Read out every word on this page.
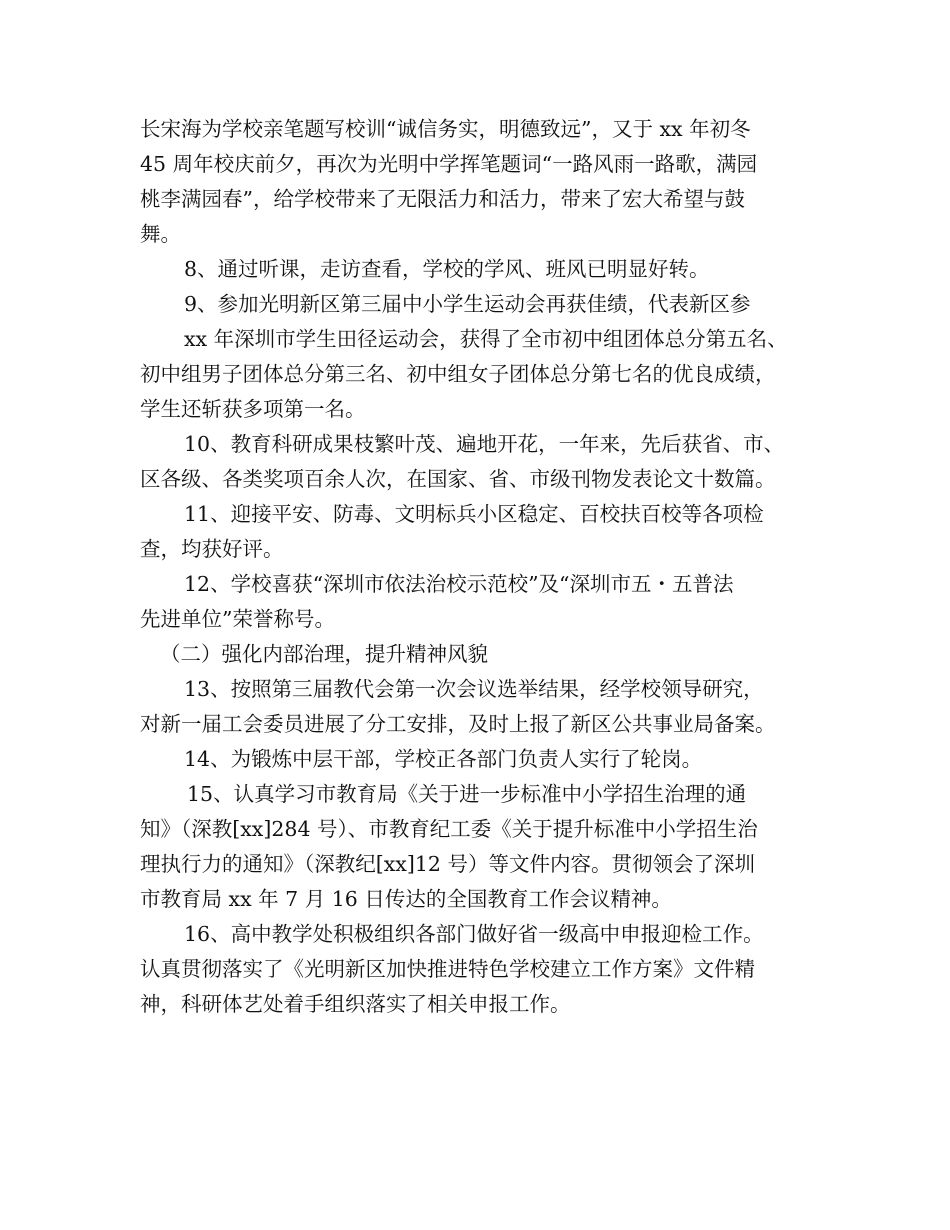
长宋海为学校亲笔题写校训“诚信务实，明德致远”，又于 xx 年初冬
45 周年校庆前夕，再次为光明中学挥笔题词“一路风雨一路歌，满园
桃李满园春”，给学校带来了无限活力和活力，带来了宏大希望与鼓
舞。
8、通过听课，走访查看，学校的学风、班风已明显好转。
9、参加光明新区第三届中小学生运动会再获佳绩，代表新区参
xx 年深圳市学生田径运动会，获得了全市初中组团体总分第五名、
初中组男子团体总分第三名、初中组女子团体总分第七名的优良成绩，
学生还斩获多项第一名。
10、教育科研成果枝繁叶茂、遍地开花，一年来，先后获省、市、
区各级、各类奖项百余人次，在国家、省、市级刊物发表论文十数篇。
11、迎接平安、防毒、文明标兵小区稳定、百校扶百校等各项检
查，均获好评。
12、学校喜获“深圳市依法治校示范校”及“深圳市五・五普法
先进单位”荣誉称号。
（二）强化内部治理，提升精神风貌
13、按照第三届教代会第一次会议选举结果，经学校领导研究，
对新一届工会委员进展了分工安排，及时上报了新区公共事业局备案。
14、为锻炼中层干部，学校正各部门负责人实行了轮岗。
15、认真学习市教育局《关于进一步标准中小学招生治理的通
知》（深教[xx]284 号）、市教育纪工委《关于提升标准中小学招生治
理执行力的通知》（深教纪[xx]12 号）等文件内容。贯彻领会了深圳
市教育局 xx 年 7 月 16 日传达的全国教育工作会议精神。
16、高中教学处积极组织各部门做好省一级高中申报迎检工作。
认真贯彻落实了《光明新区加快推进特色学校建立工作方案》文件精
神，科研体艺处着手组织落实了相关申报工作。
